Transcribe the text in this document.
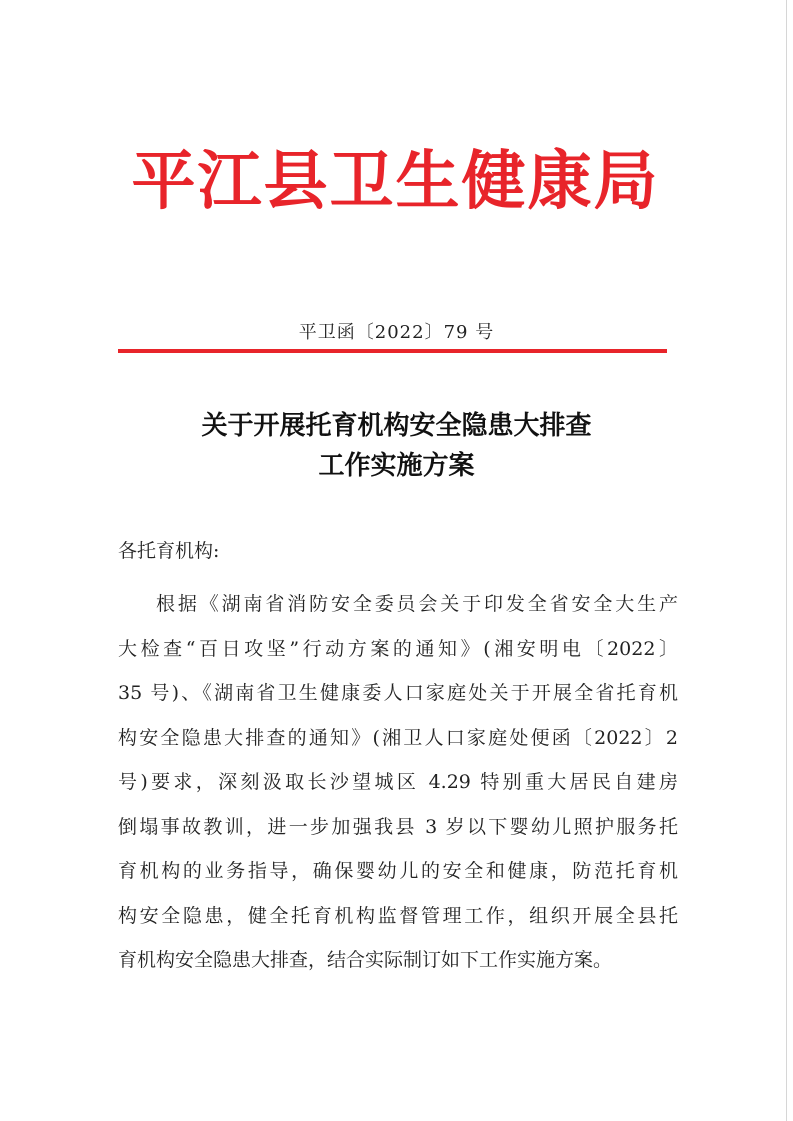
平江县卫生健康局
平卫函〔2022〕79 号
关于开展托育机构安全隐患大排查
工作实施方案
各托育机构:
根据《湖南省消防安全委员会关于印发全省安全大生产
大检查“百日攻坚”行动方案的通知》(湘安明电〔2022〕
35 号)、《湖南省卫生健康委人口家庭处关于开展全省托育机
构安全隐患大排查的通知》(湘卫人口家庭处便函〔2022〕2
号)要求，深刻汲取长沙望城区 4.29 特别重大居民自建房
倒塌事故教训，进一步加强我县 3 岁以下婴幼儿照护服务托
育机构的业务指导，确保婴幼儿的安全和健康，防范托育机
构安全隐患，健全托育机构监督管理工作，组织开展全县托
育机构安全隐患大排查，结合实际制订如下工作实施方案。
